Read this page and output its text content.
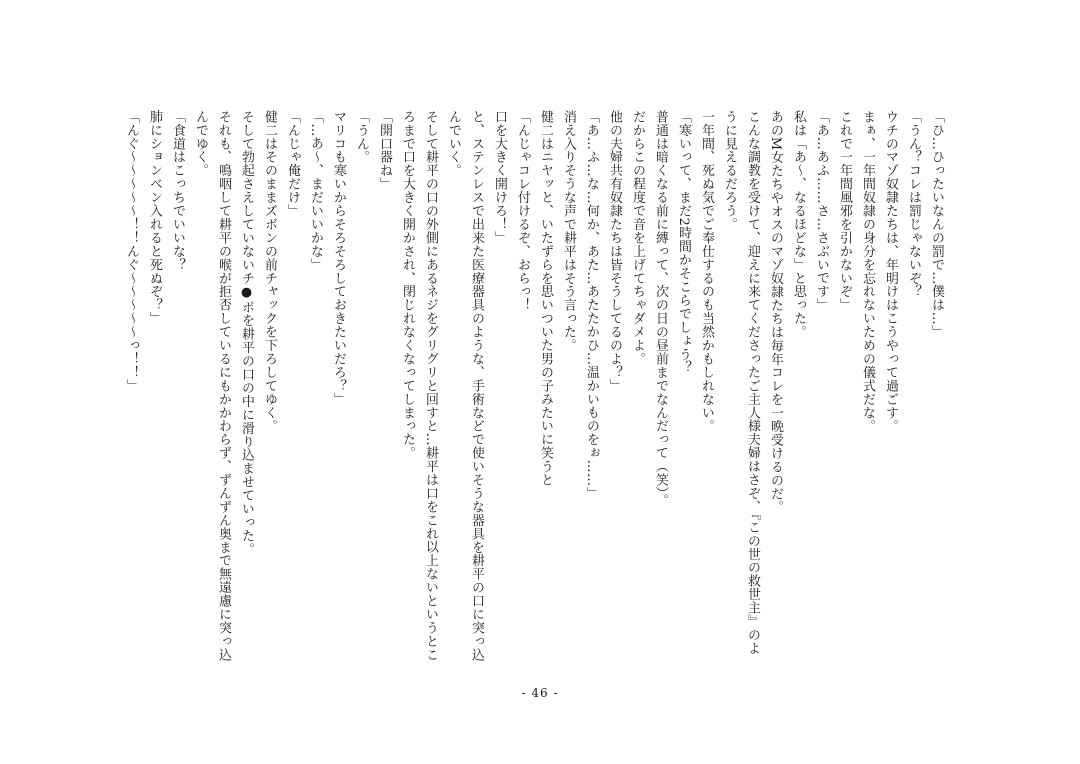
「ひ…ひったいなんの罰で…僕は…」

「うん？コレは罰じゃないぞ？

ウチのマゾ奴隷たちは、年明けはこうやって過ごす。

まぁ、一年間奴隷の身分を忘れないための儀式だな。

これで一年間風邪を引かないぞ」

「あ…あふ……さ…さぶいです」

私は「あ〜、なるほどな」と思った。

あのM女たちやオスのマゾ奴隷たちは毎年コレを一晩受けるのだ。

こんな調教を受けて、迎えに来てくださったご主人様夫婦はさぞ、『この世の救世主』のように見えるだろう。

一年間、死ぬ気でご奉仕するのも当然かもしれない。

「寒いって、まだ2時間かそこらでしょう？

普通は暗くなる前に縛って、次の日の昼前までなんだって（笑）。

だからこの程度で音を上げてちゃダメよ。

他の夫婦共有奴隷たちは皆そうしてるのよ？」

「あ…ふ…な…何か、あた…あたたかひ…温かいものをぉ……」

消え入りそうな声で耕平はそう言った。

健二はニヤッと、いたずらを思いついた男の子みたいに笑うと

「んじゃコレ付けるぞ、おらっ！

口を大きく開けろ！」

と、ステンレスで出来た医療器具のような、手術などで使いそうな器具を耕平の口に突っ込んでいく。

そして耕平の口の外側にあるネジをグリグリと回すと…耕平は口をこれ以上ないというところまで口を大きく開かされ、閉じれなくなってしまった。

「開口器ね」

「うん。

マリコも寒いからそろそろしておきたいだろ？」

「…あ〜、まだいいかな」

「んじゃ俺だけ」

健二はそのままズボンの前チャックを下ろしてゆく。

そして勃起さえしていないチ●ポを耕平の口の中に滑り込ませていった。

それも、鳴咽して耕平の喉が拒否しているにもかかわらず、ずんずん奥まで無遠慮に突っ込んでゆく。

「食道はこっちでいいな？

肺にションベン入れると死ぬぞ？」

「んぐ〜〜〜〜〜！！んぐ〜〜〜〜〜っ！！」

- 46 -
